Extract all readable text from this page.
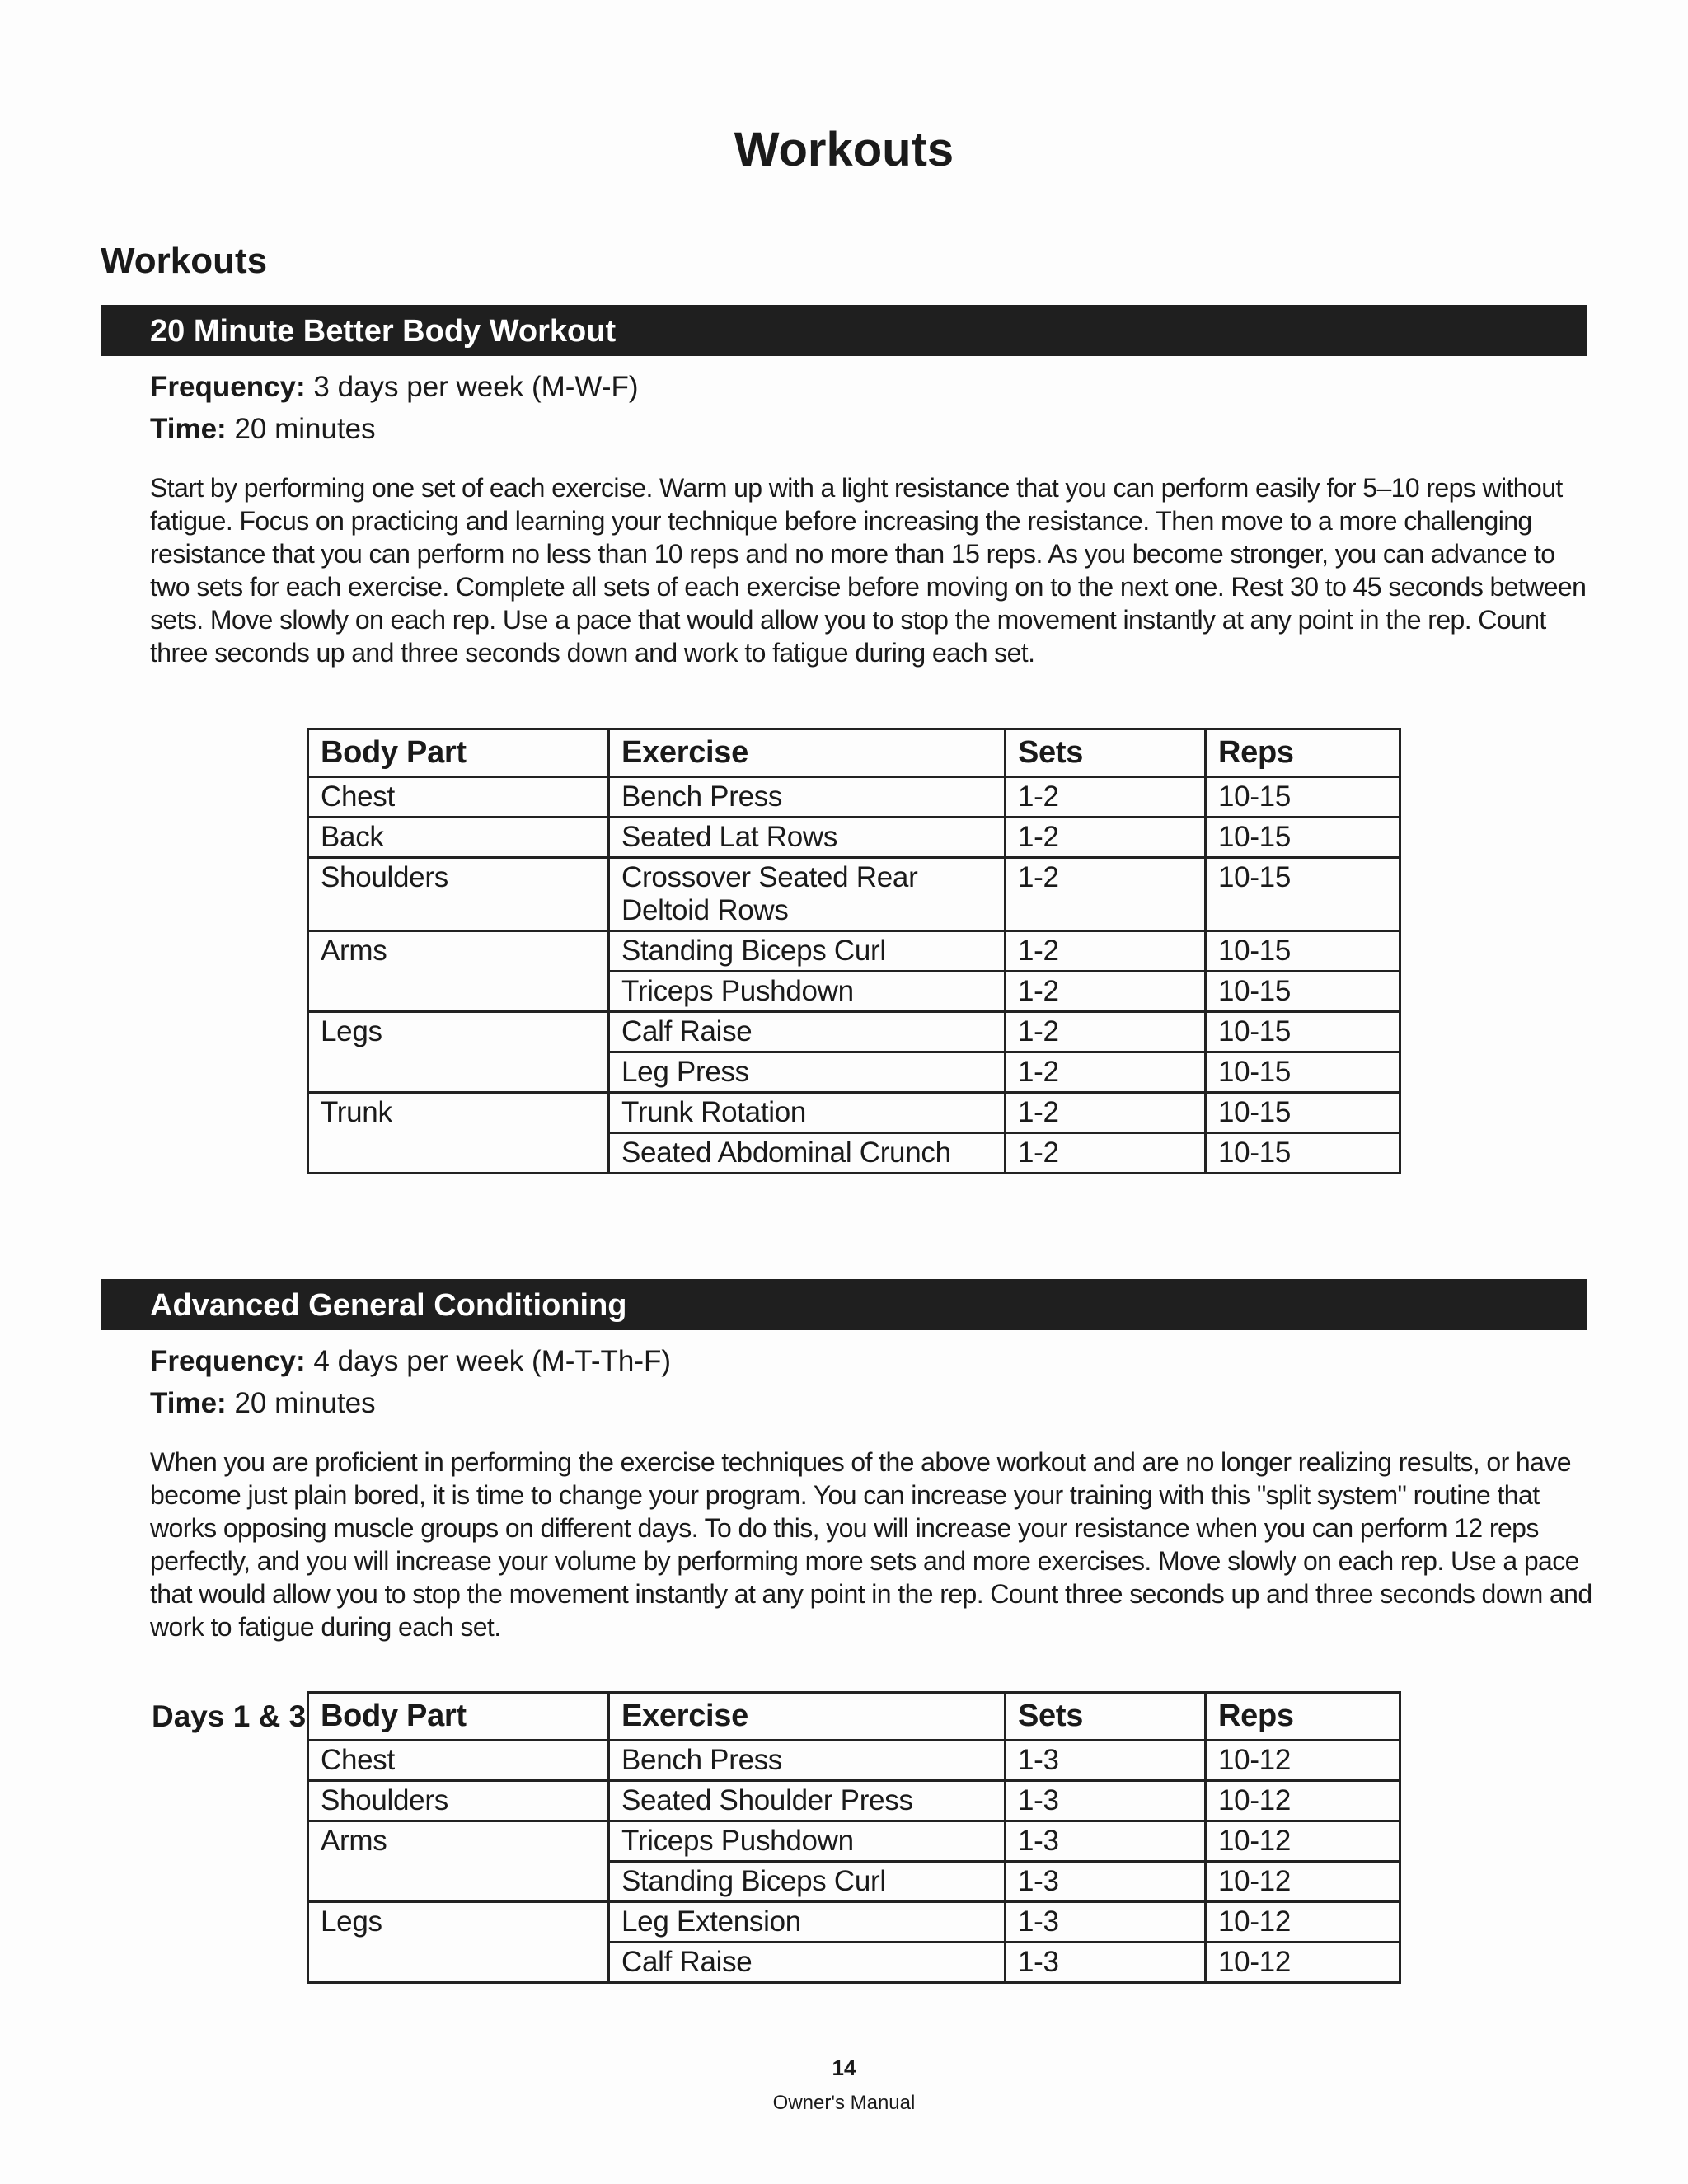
Workouts
Workouts
20 Minute Better Body Workout
Frequency: 3 days per week (M-W-F)
Time: 20 minutes

Start by performing one set of each exercise. Warm up with a light resistance that you can perform easily for 5–10 reps without fatigue. Focus on practicing and learning your technique before increasing the resistance. Then move to a more challenging resistance that you can perform no less than 10 reps and no more than 15 reps. As you become stronger, you can advance to two sets for each exercise. Complete all sets of each exercise before moving on to the next one. Rest 30 to 45 seconds between sets. Move slowly on each rep. Use a pace that would allow you to stop the movement instantly at any point in the rep. Count three seconds up and three seconds down and work to fatigue during each set.

Body Part	Exercise	Sets	Reps
Chest	Bench Press	1-2	10-15
Back	Seated Lat Rows	1-2	10-15
Shoulders	Crossover Seated Rear Deltoid Rows	1-2	10-15
Arms	Standing Biceps Curl	1-2	10-15
	Triceps Pushdown	1-2	10-15
Legs	Calf Raise	1-2	10-15
	Leg Press	1-2	10-15
Trunk	Trunk Rotation	1-2	10-15
	Seated Abdominal Crunch	1-2	10-15
Advanced General Conditioning
Frequency: 4 days per week (M-T-Th-F)
Time: 20 minutes

When you are proficient in performing the exercise techniques of the above workout and are no longer realizing results, or have become just plain bored, it is time to change your program. You can increase your training with this "split system" routine that works opposing muscle groups on different days. To do this, you will increase your resistance when you can perform 12 reps perfectly, and you will increase your volume by performing more sets and more exercises. Move slowly on each rep. Use a pace that would allow you to stop the movement instantly at any point in the rep. Count three seconds up and three seconds down and work to fatigue during each set.

Days 1 & 3 Body Part	Exercise	Sets	Reps
Chest	Bench Press	1-3	10-12
Shoulders	Seated Shoulder Press	1-3	10-12
Arms	Triceps Pushdown	1-3	10-12
	Standing Biceps Curl	1-3	10-12
Legs	Leg Extension	1-3	10-12
	Calf Raise	1-3	10-12
14
Owner's Manual
